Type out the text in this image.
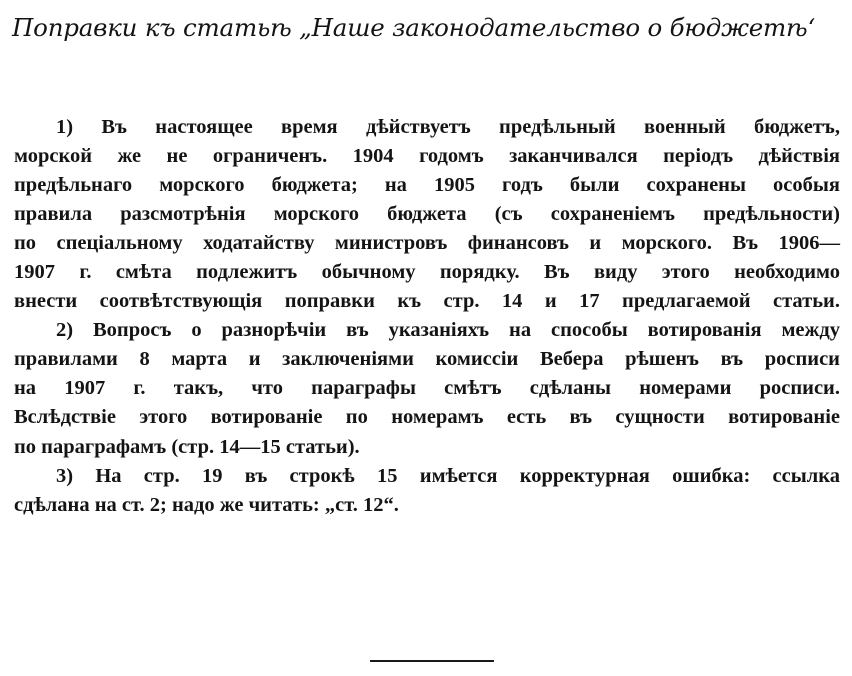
Поправки къ статьѣ „Наше законодательство о бюджетѣ‘
1) Въ настоящее время дѣйствуетъ предѣльный военный бюджетъ,
морской же не ограниченъ. 1904 годомъ заканчивался періодъ дѣйствія
предѣльнаго морского бюджета; на 1905 годъ были сохранены особыя
правила разсмотрѣнія морского бюджета (съ сохраненіемъ предѣльности)
по спеціальному ходатайству министровъ финансовъ и морского. Въ 1906—
1907 г. смѣта подлежитъ обычному порядку. Въ виду этого необходимо
внести соотвѣтствующія поправки къ стр. 14 и 17 предлагаемой статьи.
2) Вопросъ о разнорѣчіи въ указаніяхъ на способы вотированія между
правилами 8 марта и заключеніями комиссіи Вебера рѣшенъ въ росписи
на 1907 г. такъ, что параграфы смѣтъ сдѣланы номерами росписи.
Вслѣдствіе этого вотированіе по номерамъ есть въ сущности вотированіе
по параграфамъ (стр. 14—15 статьи).
3) На стр. 19 въ строкѣ 15 имѣется корректурная ошибка: ссылка
сдѣлана на ст. 2; надо же читать: „ст. 12“.
